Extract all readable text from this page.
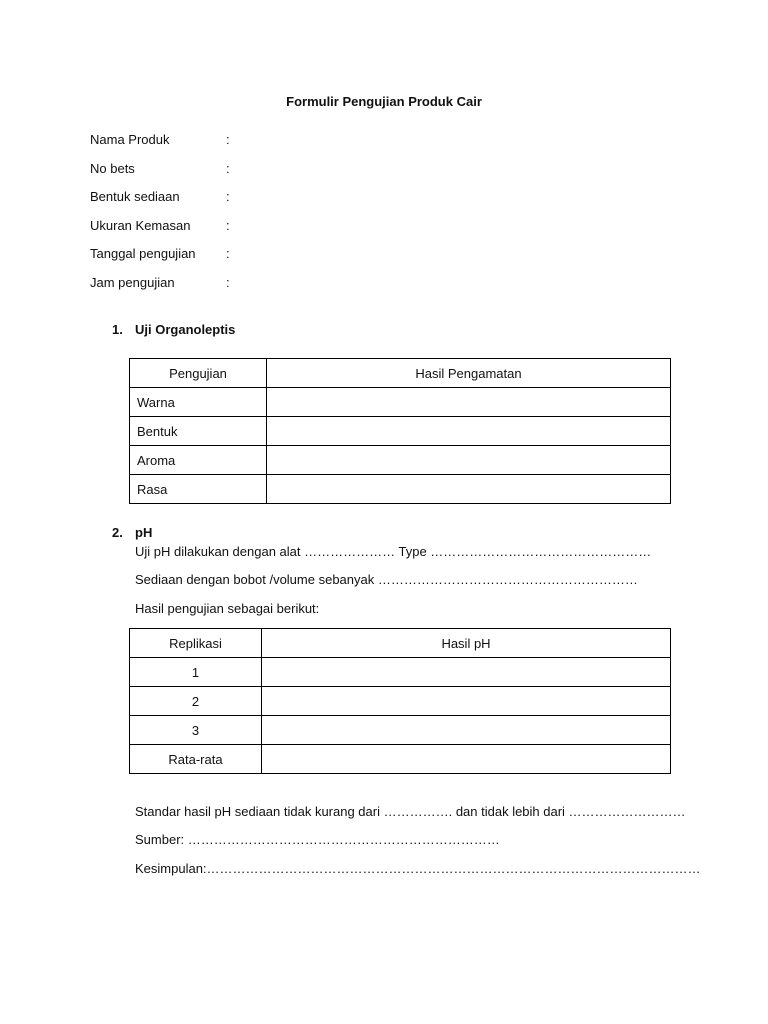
Formulir Pengujian Produk Cair
Nama Produk	:
No bets	:
Bentuk sediaan	:
Ukuran Kemasan	:
Tanggal pengujian :
Jam pengujian	:
1. Uji Organoleptis
Pengujian	Hasil Pengamatan
Warna	
Bentuk	
Aroma	
Rasa	
2. pH
Uji pH dilakukan dengan alat ………………… Type ……………………………………………
Sediaan dengan bobot /volume sebanyak ……………………………………………………
Hasil pengujian sebagai berikut:
Replikasi	Hasil pH
1	
2	
3	
Rata-rata	
Standar hasil pH sediaan tidak kurang dari ……………. dan tidak lebih dari ………………………
Sumber: ………………………………………………………………
Kesimpulan:……………………………………………………………………………………………………
